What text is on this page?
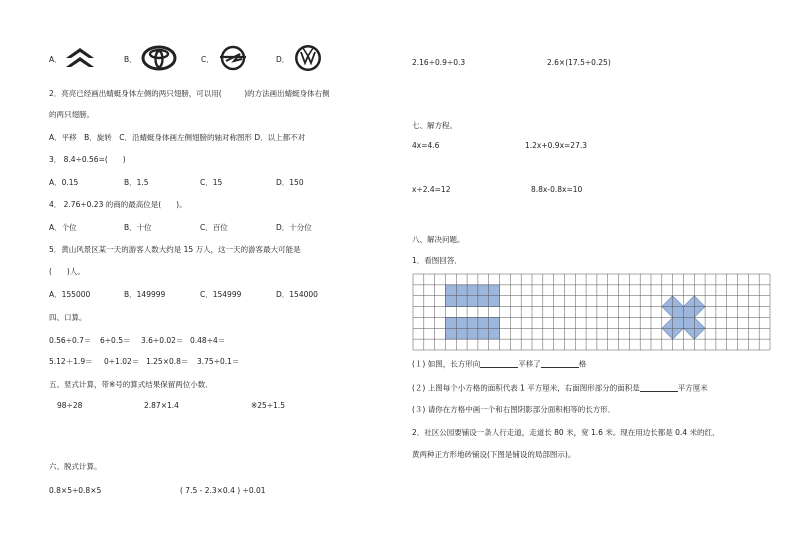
A．	B．	C．	D．
2．亮亮已经画出蜻蜓身体左侧的两只翅膀，可以用(　　　)的方法画出蜻蜓身体右侧
的两只翅膀。
A．平移　B．旋转　C．沿蜻蜓身体画左侧翅膀的轴对称图形 D．以上都不对
3． 8.4÷0.56=(　　)
A．0.15	B．1.5	C．15	D．150
4． 2.76÷0.23 的商的最高位是(　　)。
A．个位	B．十位	C．百位	D．十分位
5．黄山风景区某一天的游客人数大约是 15 万人，这一天的游客最大可能是
(　　)人。
A．155000	B．149999	C．154999	D．154000
四、口算。
0.56÷0.7＝ 6÷0.5＝ 3.6÷0.02＝ 0.48÷4＝
5.12＋1.9＝ 0÷1.02＝ 1.25×0.8＝ 3.75÷0.1＝
五、竖式计算，带※号的算式结果保留两位小数．
98÷28	2.87×1.4	※25÷1.5
六、脱式计算。
0.8×5÷0.8×5	( 7.5 - 2.3×0.4 ) ÷0.01
2.16÷0.9÷0.3	2.6×(17.5÷0.25)
七、解方程。
4x=4.6	1.2x+0.9x=27.3
x÷2.4=12	8.8x-0.8x=10
八、解决问题。
1．看图回答．
(１) 如图，长方形向	平移了	格
(２) 上图每个小方格的面积代表 1 平方厘米，右面图形部分的面积是	平方厘米
(３) 请你在方格中画一个和右图阴影部分面积相等的长方形．
2．社区公园要铺设一条人行走道，走道长 80 米，宽 1.6 米。现在用边长都是 0.4 米的红、
黄两种正方形地砖铺设(下图是铺设的局部图示)。
